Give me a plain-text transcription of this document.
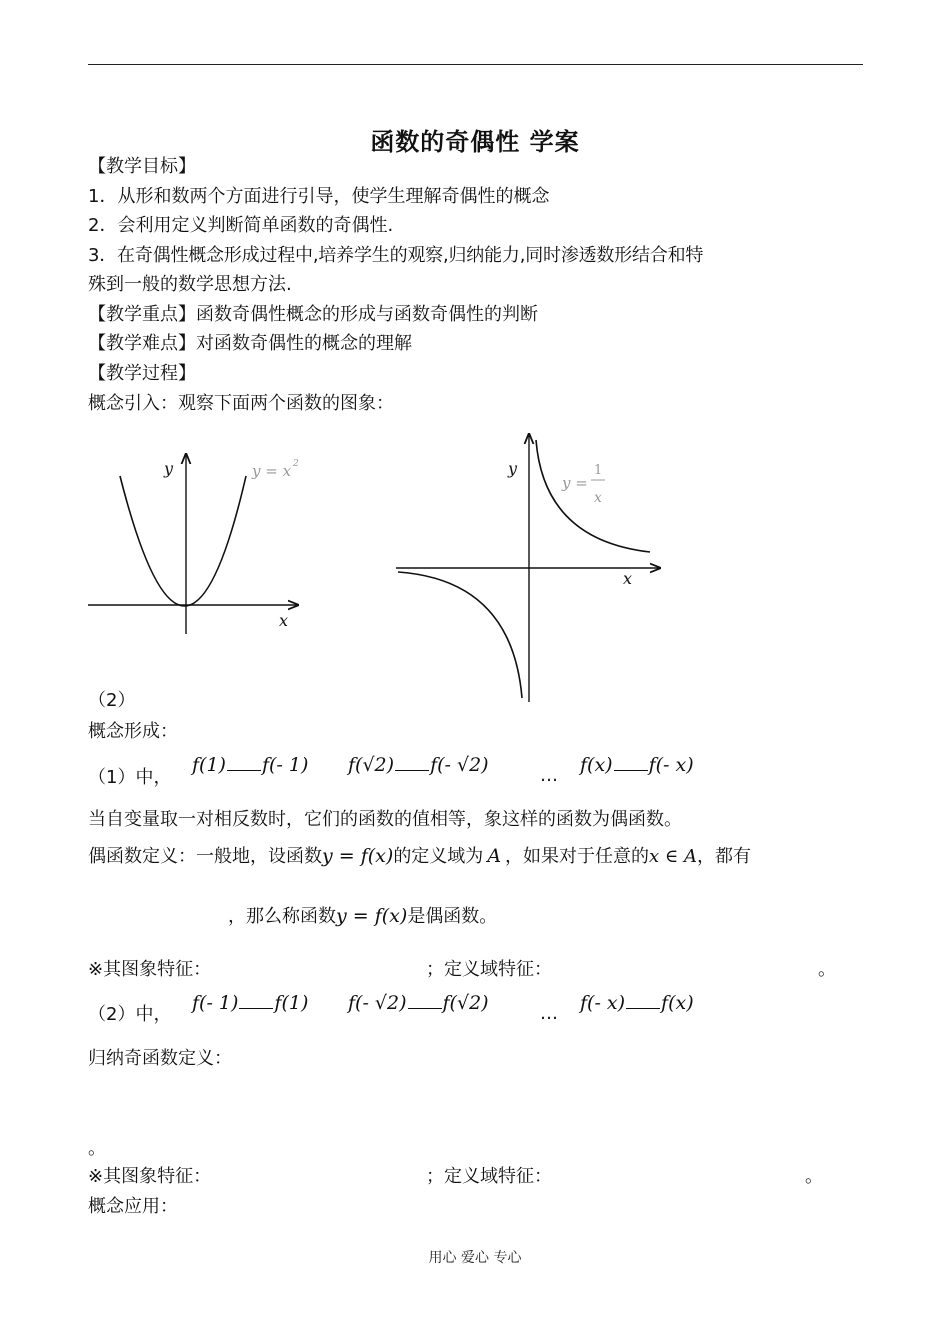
函数的奇偶性 学案
【教学目标】
1．从形和数两个方面进行引导，使学生理解奇偶性的概念
2．会利用定义判断简单函数的奇偶性.
3．在奇偶性概念形成过程中,培养学生的观察,归纳能力,同时渗透数形结合和特
殊到一般的数学思想方法.
【教学重点】函数奇偶性概念的形成与函数奇偶性的判断
【教学难点】对函数奇偶性的概念的理解
【教学过程】
概念引入：观察下面两个函数的图象：
y
x
y = x 2	y
x
y =
1
x
（2）
概念形成：
（1）中，
f(1) f(- 1) f(√2) f(- √2)	… f(x) f(- x)
当自变量取一对相反数时，它们的函数的值相等，象这样的函数为偶函数。
偶函数定义：一般地，设函数y = f(x)的定义域为 A ，如果对于任意的x ∈ A，都有
，那么称函数y = f(x)是偶函数。
※其图象特征：	；定义域特征：	。
f(- 1) f(1) f(- √2) f(√2)	… f(- x) f(x)
（2）中，
归纳奇函数定义：
。
※其图象特征：	；定义域特征：	。
概念应用：
用心 爱心 专心
